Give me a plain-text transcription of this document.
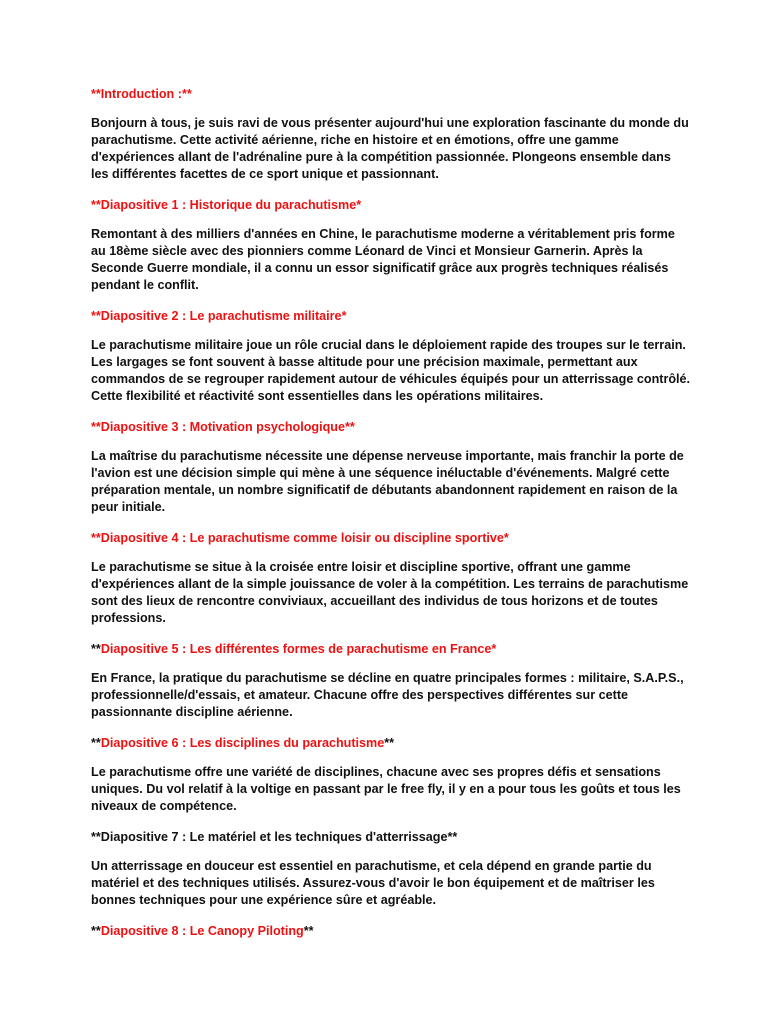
**Introduction :**

Bonjourn à tous, je suis ravi de vous présenter aujourd'hui une exploration fascinante du monde du parachutisme. Cette activité aérienne, riche en histoire et en émotions, offre une gamme d'expériences allant de l'adrénaline pure à la compétition passionnée. Plongeons ensemble dans les différentes facettes de ce sport unique et passionnant.

**Diapositive 1 : Historique du parachutisme*

Remontant à des milliers d'années en Chine, le parachutisme moderne a véritablement pris forme au 18ème siècle avec des pionniers comme Léonard de Vinci et Monsieur Garnerin. Après la Seconde Guerre mondiale, il a connu un essor significatif grâce aux progrès techniques réalisés pendant le conflit.

**Diapositive 2 : Le parachutisme militaire*

Le parachutisme militaire joue un rôle crucial dans le déploiement rapide des troupes sur le terrain. Les largages se font souvent à basse altitude pour une précision maximale, permettant aux commandos de se regrouper rapidement autour de véhicules équipés pour un atterrissage contrôlé. Cette flexibilité et réactivité sont essentielles dans les opérations militaires.

**Diapositive 3 : Motivation psychologique**

La maîtrise du parachutisme nécessite une dépense nerveuse importante, mais franchir la porte de l'avion est une décision simple qui mène à une séquence inéluctable d'événements. Malgré cette préparation mentale, un nombre significatif de débutants abandonnent rapidement en raison de la peur initiale.

**Diapositive 4 : Le parachutisme comme loisir ou discipline sportive*

Le parachutisme se situe à la croisée entre loisir et discipline sportive, offrant une gamme d'expériences allant de la simple jouissance de voler à la compétition. Les terrains de parachutisme sont des lieux de rencontre conviviaux, accueillant des individus de tous horizons et de toutes professions.

**Diapositive 5 : Les différentes formes de parachutisme en France*

En France, la pratique du parachutisme se décline en quatre principales formes : militaire, S.A.P.S., professionnelle/d'essais, et amateur. Chacune offre des perspectives différentes sur cette passionnante discipline aérienne.

**Diapositive 6 : Les disciplines du parachutisme**

Le parachutisme offre une variété de disciplines, chacune avec ses propres défis et sensations uniques. Du vol relatif à la voltige en passant par le free fly, il y en a pour tous les goûts et tous les niveaux de compétence.

**Diapositive 7 : Le matériel et les techniques d'atterrissage**

Un atterrissage en douceur est essentiel en parachutisme, et cela dépend en grande partie du matériel et des techniques utilisés. Assurez-vous d'avoir le bon équipement et de maîtriser les bonnes techniques pour une expérience sûre et agréable.

**Diapositive 8 : Le Canopy Piloting**
